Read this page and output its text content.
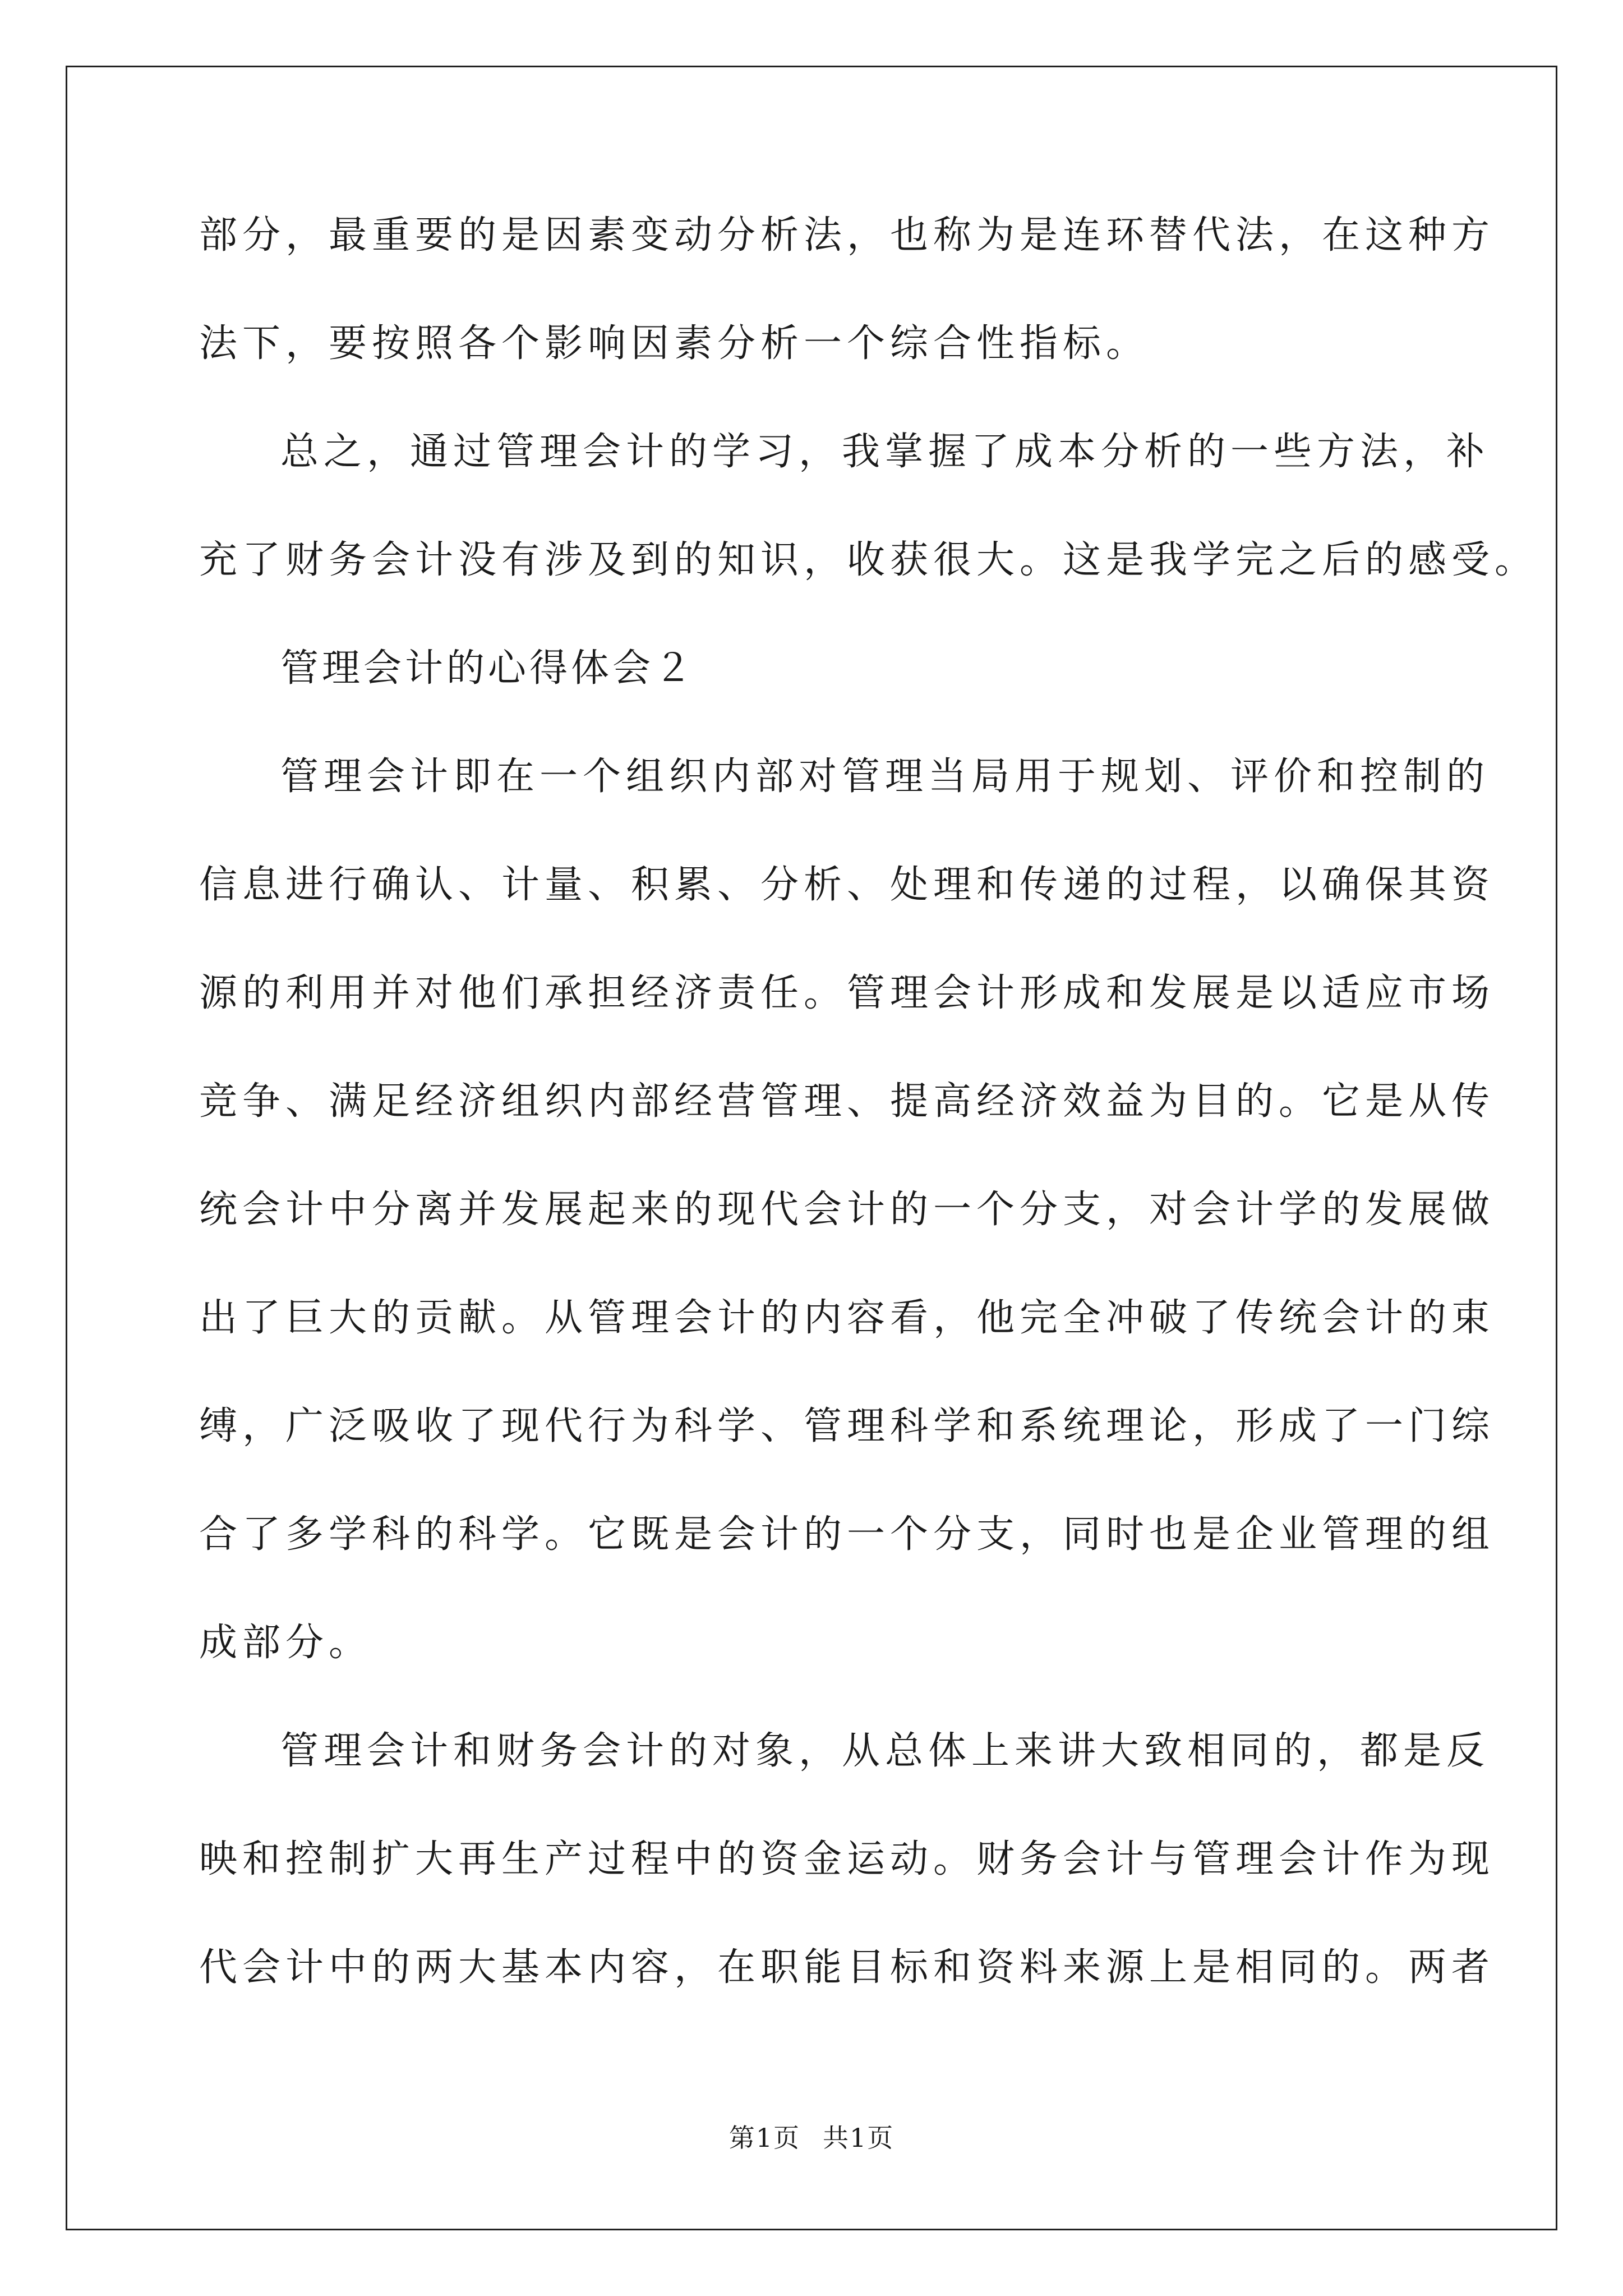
部分，最重要的是因素变动分析法，也称为是连环替代法，在这种方
法下，要按照各个影响因素分析一个综合性指标。
总之，通过管理会计的学习，我掌握了成本分析的一些方法，补
充了财务会计没有涉及到的知识，收获很大。这是我学完之后的感受。
管理会计的心得体会２
管理会计即在一个组织内部对管理当局用于规划、评价和控制的
信息进行确认、计量、积累、分析、处理和传递的过程，以确保其资
源的利用并对他们承担经济责任。管理会计形成和发展是以适应市场
竞争、满足经济组织内部经营管理、提高经济效益为目的。它是从传
统会计中分离并发展起来的现代会计的一个分支，对会计学的发展做
出了巨大的贡献。从管理会计的内容看，他完全冲破了传统会计的束
缚，广泛吸收了现代行为科学、管理科学和系统理论，形成了一门综
合了多学科的科学。它既是会计的一个分支，同时也是企业管理的组
成部分。
管理会计和财务会计的对象，从总体上来讲大致相同的，都是反
映和控制扩大再生产过程中的资金运动。财务会计与管理会计作为现
代会计中的两大基本内容，在职能目标和资料来源上是相同的。两者
第1页 共1页
